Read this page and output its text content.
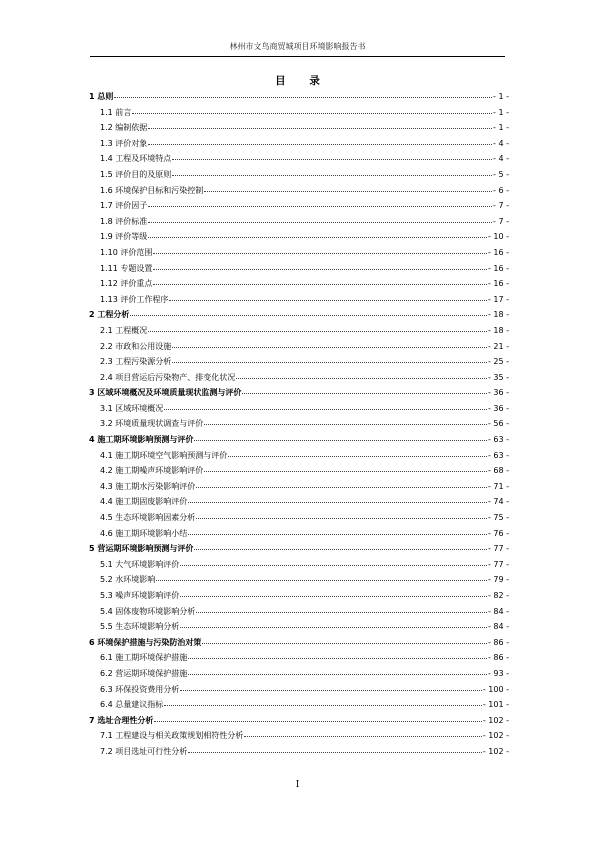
林州市文鸟商贸城项目环境影响报告书
目 录
1 总则	- 1 -
1.1 前言	- 1 -
1.2 编制依据	- 1 -
1.3 评价对象	- 4 -
1.4 工程及环境特点	- 4 -
1.5 评价目的及原则	- 5 -
1.6 环境保护目标和污染控制	- 6 -
1.7 评价因子	- 7 -
1.8 评价标准	- 7 -
1.9 评价等级	- 10 -
1.10 评价范围	- 16 -
1.11 专题设置	- 16 -
1.12 评价重点	- 16 -
1.13 评价工作程序	- 17 -
2 工程分析	- 18 -
2.1 工程概况	- 18 -
2.2 市政和公用设施	- 21 -
2.3 工程污染源分析	- 25 -
2.4 项目营运后污染物产、排变化状况	- 35 -
3 区域环境概况及环境质量现状监测与评价	- 36 -
3.1 区域环境概况	- 36 -
3.2 环境质量现状调查与评价	- 56 -
4 施工期环境影响预测与评价	- 63 -
4.1 施工期环境空气影响预测与评价	- 63 -
4.2 施工期噪声环境影响评价	- 68 -
4.3 施工期水污染影响评价	- 71 -
4.4 施工期固废影响评价	- 74 -
4.5 生态环境影响因素分析	- 75 -
4.6 施工期环境影响小结	- 76 -
5 营运期环境影响预测与评价	- 77 -
5.1 大气环境影响评价	- 77 -
5.2 水环境影响	- 79 -
5.3 噪声环境影响评价	- 82 -
5.4 固体废物环境影响分析	- 84 -
5.5 生态环境影响分析	- 84 -
6 环境保护措施与污染防治对策	- 86 -
6.1 施工期环境保护措施	- 86 -
6.2 营运期环境保护措施	- 93 -
6.3 环保投资费用分析	- 100 -
6.4 总量建议指标	- 101 -
7 选址合理性分析	- 102 -
7.1 工程建设与相关政策规划相符性分析	- 102 -
7.2 项目选址可行性分析	- 102 -
I
